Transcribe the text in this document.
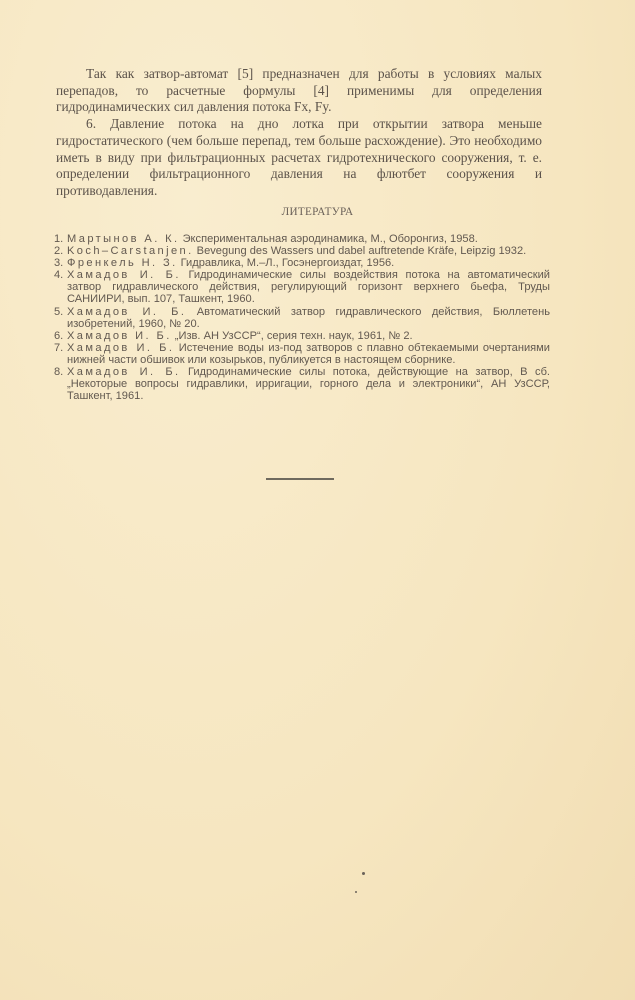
Так как затвор-автомат [5] предназначен для работы в условиях малых перепадов, то расчетные формулы [4] применимы для определения гидродинамических сил давления потока Fx, Fy.

6. Давление потока на дно лотка при открытии затвора меньше гидростатического (чем больше перепад, тем больше расхождение). Это необходимо иметь в виду при фильтрационных расчетах гидротехнического сооружения, т. е. определении фильтрационного давления на флютбет сооружения и противодавления.

ЛИТЕРАТУРА
1. Мартынов А. К. Экспериментальная аэродинамика, М., Оборонгиз, 1958.
2. Koch–Carstanjen. Bevegung des Wassers und dabel auftretende Kräfe, Leipzig 1932.
3. Френкель Н. З. Гидравлика, М.–Л., Госэнергоиздат, 1956.
4. Хамадов И. Б. Гидродинамические силы воздействия потока на автоматический затвор гидравлического действия, регулирующий горизонт верхнего бьефа, Труды САНИИРИ, вып. 107, Ташкент, 1960.
5. Хамадов И. Б. Автоматический затвор гидравлического действия, Бюллетень изобретений, 1960, № 20.
6. Хамадов И. Б. „Изв. АН УзССР“, серия техн. наук, 1961, № 2.
7. Хамадов И. Б. Истечение воды из-под затворов с плавно обтекаемыми очертаниями нижней части обшивок или козырьков, публикуется в настоящем сборнике.
8. Хамадов И. Б. Гидродинамические силы потока, действующие на затвор, В сб. „Некоторые вопросы гидравлики, ирригации, горного дела и электроники“, АН УзССР, Ташкент, 1961.
